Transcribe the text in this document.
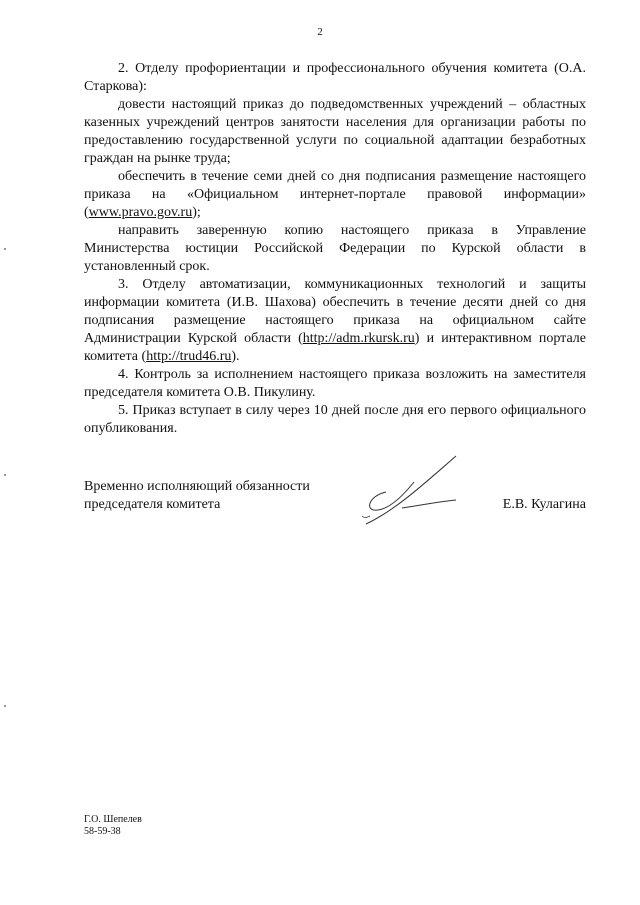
2

2. Отделу профориентации и профессионального обучения комитета (О.А. Старкова):

довести настоящий приказ до подведомственных учреждений – областных казенных учреждений центров занятости населения для организации работы по предоставлению государственной услуги по социальной адаптации безработных граждан на рынке труда;

обеспечить в течение семи дней со дня подписания размещение настоящего приказа на «Официальном интернет-портале правовой информации» (www.pravo.gov.ru);

направить заверенную копию настоящего приказа в Управление Министерства юстиции Российской Федерации по Курской области в установленный срок.

3. Отделу автоматизации, коммуникационных технологий и защиты информации комитета (И.В. Шахова) обеспечить в течение десяти дней со дня подписания размещение настоящего приказа на официальном сайте Администрации Курской области (http://adm.rkursk.ru) и интерактивном портале комитета (http://trud46.ru).

4. Контроль за исполнением настоящего приказа возложить на заместителя председателя комитета О.В. Пикулину.

5. Приказ вступает в силу через 10 дней после дня его первого официального опубликования.

Временно исполняющий обязанности
председателя комитета	Е.В. Кулагина
Г.О. Шепелев
58-59-38
